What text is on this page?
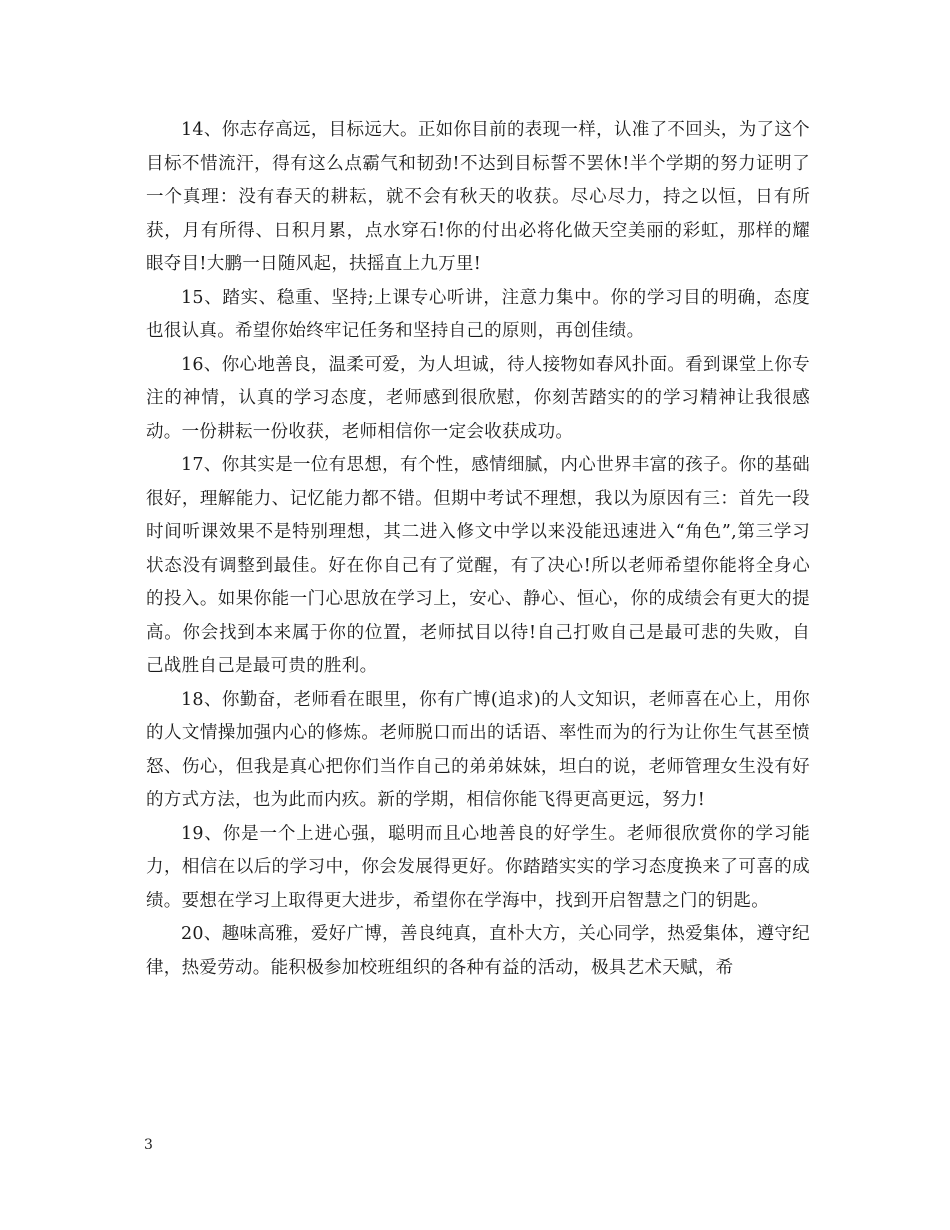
14、你志存高远，目标远大。正如你目前的表现一样，认准了不回头，为了这个目标不惜流汗，得有这么点霸气和韧劲!不达到目标誓不罢休!半个学期的努力证明了一个真理：没有春天的耕耘，就不会有秋天的收获。尽心尽力，持之以恒，日有所获，月有所得、日积月累，点水穿石!你的付出必将化做天空美丽的彩虹，那样的耀眼夺目!大鹏一日随风起，扶摇直上九万里!

15、踏实、稳重、坚持;上课专心听讲，注意力集中。你的学习目的明确，态度也很认真。希望你始终牢记任务和坚持自己的原则，再创佳绩。

16、你心地善良，温柔可爱，为人坦诚，待人接物如春风扑面。看到课堂上你专注的神情，认真的学习态度，老师感到很欣慰，你刻苦踏实的的学习精神让我很感动。一份耕耘一份收获，老师相信你一定会收获成功。

17、你其实是一位有思想，有个性，感情细腻，内心世界丰富的孩子。你的基础很好，理解能力、记忆能力都不错。但期中考试不理想，我以为原因有三：首先一段时间听课效果不是特别理想，其二进入修文中学以来没能迅速进入“角色”,第三学习状态没有调整到最佳。好在你自己有了觉醒，有了决心!所以老师希望你能将全身心的投入。如果你能一门心思放在学习上，安心、静心、恒心，你的成绩会有更大的提高。你会找到本来属于你的位置，老师拭目以待!自己打败自己是最可悲的失败，自己战胜自己是最可贵的胜利。

18、你勤奋，老师看在眼里，你有广博(追求)的人文知识，老师喜在心上，用你的人文情操加强内心的修炼。老师脱口而出的话语、率性而为的行为让你生气甚至愤怒、伤心，但我是真心把你们当作自己的弟弟妹妹，坦白的说，老师管理女生没有好的方式方法，也为此而内疚。新的学期，相信你能飞得更高更远，努力!

19、你是一个上进心强，聪明而且心地善良的好学生。老师很欣赏你的学习能力，相信在以后的学习中，你会发展得更好。你踏踏实实的学习态度换来了可喜的成绩。要想在学习上取得更大进步，希望你在学海中，找到开启智慧之门的钥匙。

20、趣味高雅，爱好广博，善良纯真，直朴大方，关心同学，热爱集体，遵守纪律，热爱劳动。能积极参加校班组织的各种有益的活动，极具艺术天赋，希

3
